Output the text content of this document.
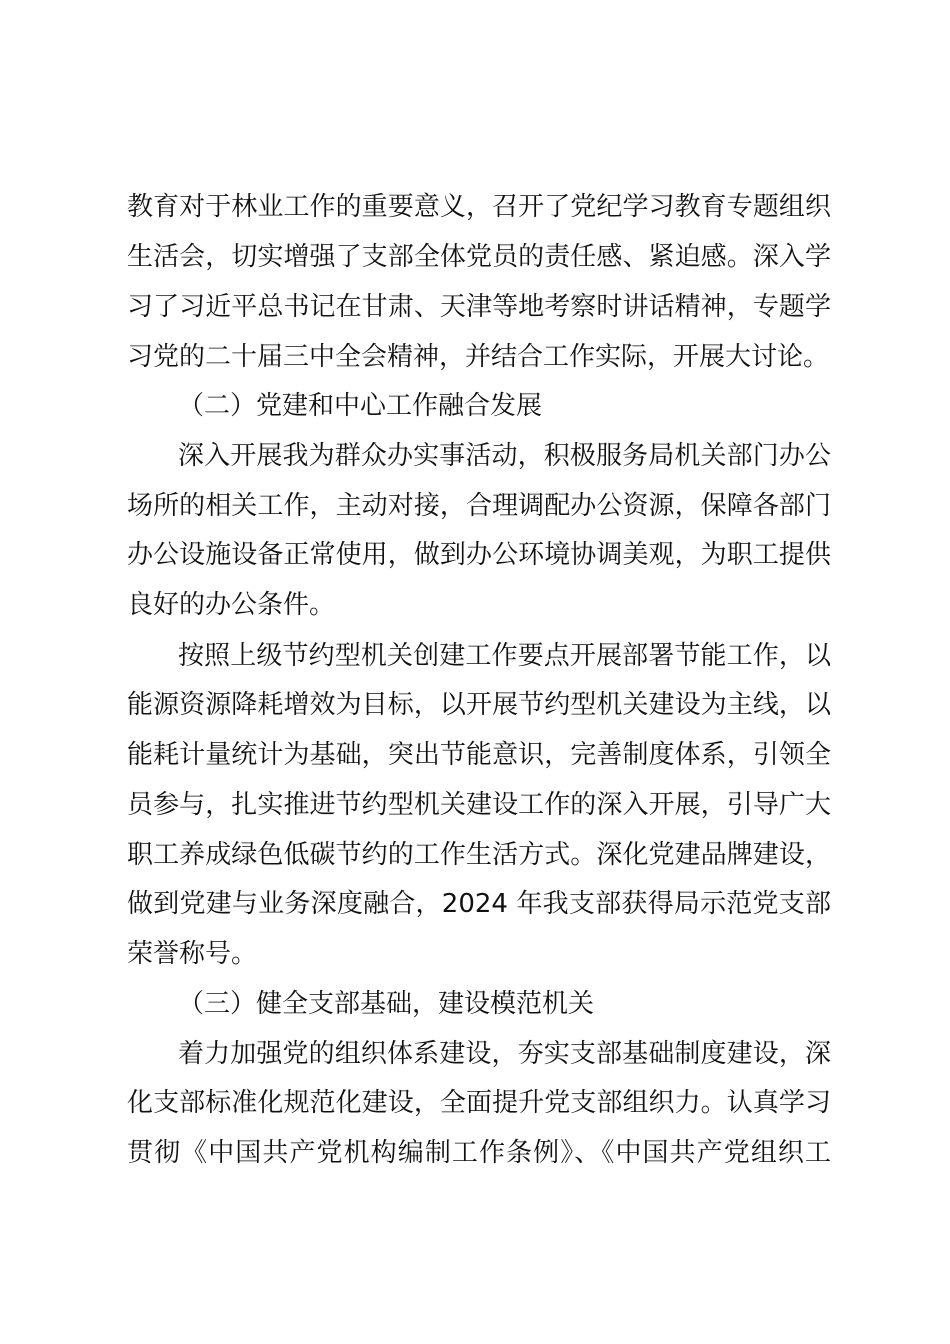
教育对于林业工作的重要意义，召开了党纪学习教育专题组织
生活会，切实增强了支部全体党员的责任感、紧迫感。深入学
习了习近平总书记在甘肃、天津等地考察时讲话精神，专题学
习党的二十届三中全会精神，并结合工作实际，开展大讨论。
（二）党建和中心工作融合发展
深入开展我为群众办实事活动，积极服务局机关部门办公
场所的相关工作，主动对接，合理调配办公资源，保障各部门
办公设施设备正常使用，做到办公环境协调美观，为职工提供
良好的办公条件。
按照上级节约型机关创建工作要点开展部署节能工作，以
能源资源降耗增效为目标，以开展节约型机关建设为主线，以
能耗计量统计为基础，突出节能意识，完善制度体系，引领全
员参与，扎实推进节约型机关建设工作的深入开展，引导广大
职工养成绿色低碳节约的工作生活方式。深化党建品牌建设，
做到党建与业务深度融合，2024 年我支部获得局示范党支部
荣誉称号。
（三）健全支部基础，建设模范机关
着力加强党的组织体系建设，夯实支部基础制度建设，深
化支部标准化规范化建设，全面提升党支部组织力。认真学习
贯彻《中国共产党机构编制工作条例》、《中国共产党组织工
